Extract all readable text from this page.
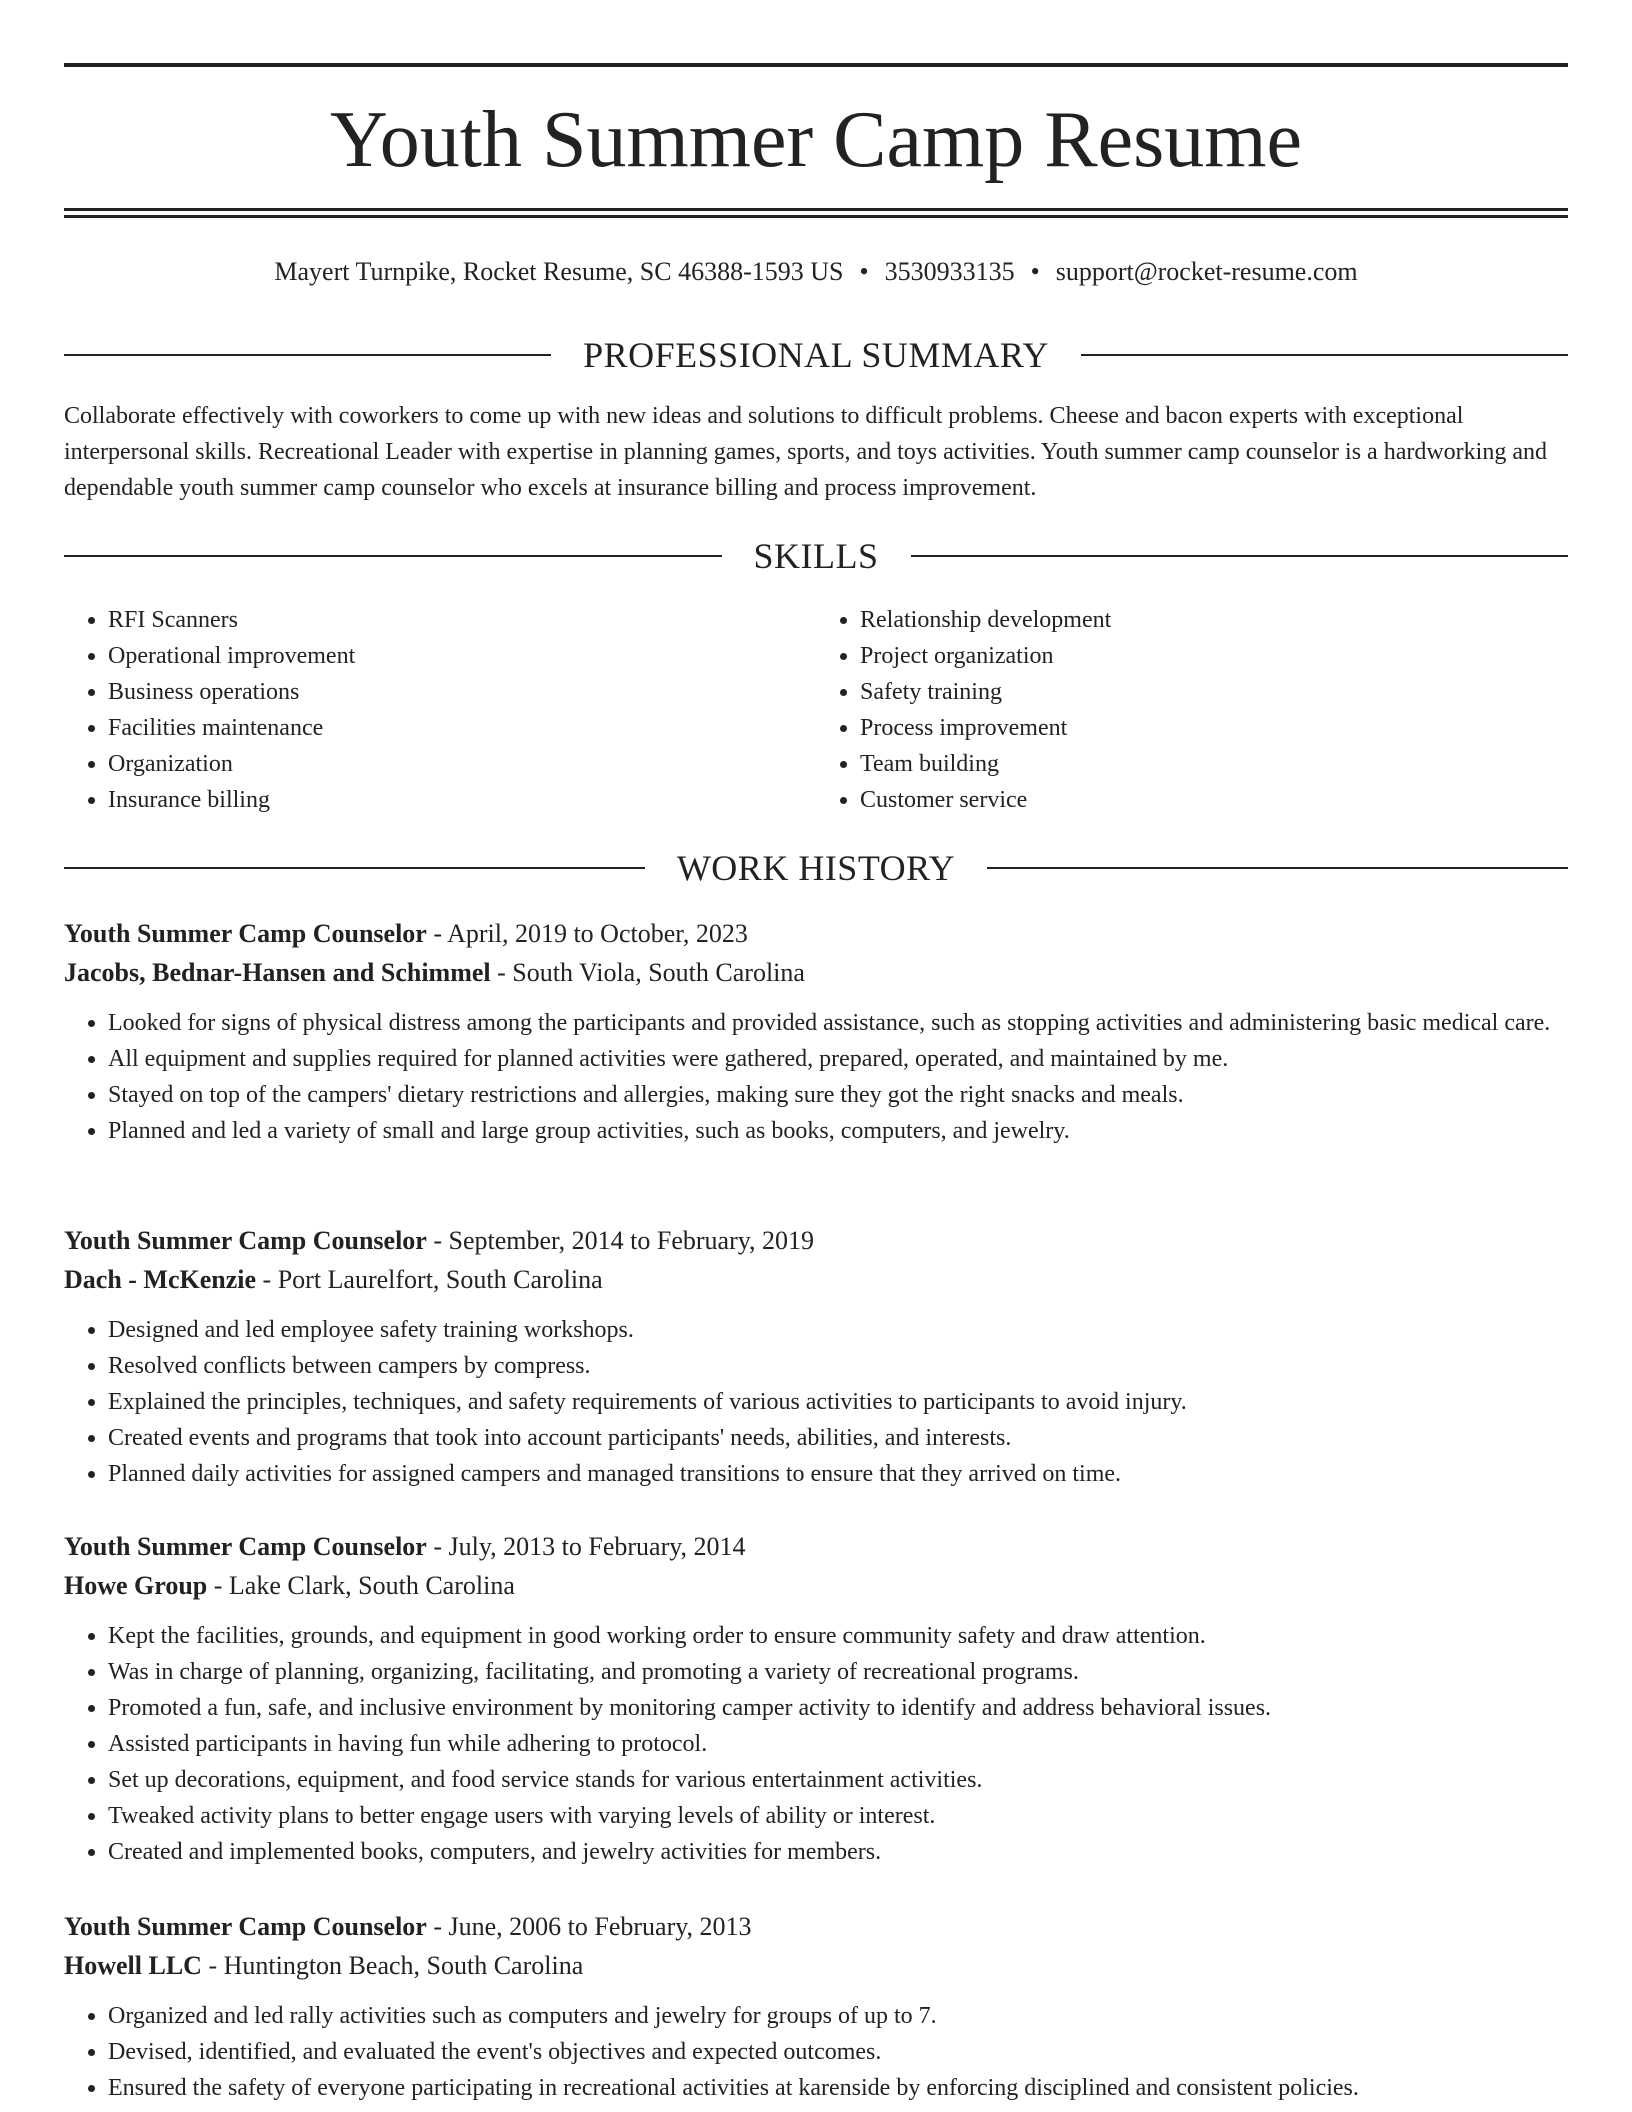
Youth Summer Camp Resume
Mayert Turnpike, Rocket Resume, SC 46388-1593 US • 3530933135 • support@rocket-resume.com
PROFESSIONAL SUMMARY

Collaborate effectively with coworkers to come up with new ideas and solutions to difficult problems. Cheese and bacon experts with exceptional interpersonal skills. Recreational Leader with expertise in planning games, sports, and toys activities. Youth summer camp counselor is a hardworking and dependable youth summer camp counselor who excels at insurance billing and process improvement.

SKILLS
• RFI Scanners
• Operational improvement
• Business operations
• Facilities maintenance
• Organization
• Insurance billing
• Relationship development
• Project organization
• Safety training
• Process improvement
• Team building
• Customer service
WORK HISTORY

Youth Summer Camp Counselor - April, 2019 to October, 2023

Jacobs, Bednar-Hansen and Schimmel - South Viola, South Carolina

• Looked for signs of physical distress among the participants and provided assistance, such as stopping activities and administering basic medical care.
• All equipment and supplies required for planned activities were gathered, prepared, operated, and maintained by me.
• Stayed on top of the campers' dietary restrictions and allergies, making sure they got the right snacks and meals.
• Planned and led a variety of small and large group activities, such as books, computers, and jewelry.

Youth Summer Camp Counselor - September, 2014 to February, 2019

Dach - McKenzie - Port Laurelfort, South Carolina

• Designed and led employee safety training workshops.
• Resolved conflicts between campers by compress.
• Explained the principles, techniques, and safety requirements of various activities to participants to avoid injury.
• Created events and programs that took into account participants' needs, abilities, and interests.
• Planned daily activities for assigned campers and managed transitions to ensure that they arrived on time.

Youth Summer Camp Counselor - July, 2013 to February, 2014

Howe Group - Lake Clark, South Carolina

• Kept the facilities, grounds, and equipment in good working order to ensure community safety and draw attention.
• Was in charge of planning, organizing, facilitating, and promoting a variety of recreational programs.
• Promoted a fun, safe, and inclusive environment by monitoring camper activity to identify and address behavioral issues.
• Assisted participants in having fun while adhering to protocol.
• Set up decorations, equipment, and food service stands for various entertainment activities.
• Tweaked activity plans to better engage users with varying levels of ability or interest.
• Created and implemented books, computers, and jewelry activities for members.

Youth Summer Camp Counselor - June, 2006 to February, 2013

Howell LLC - Huntington Beach, South Carolina

• Organized and led rally activities such as computers and jewelry for groups of up to 7.
• Devised, identified, and evaluated the event's objectives and expected outcomes.
• Ensured the safety of everyone participating in recreational activities at karenside by enforcing disciplined and consistent policies.
